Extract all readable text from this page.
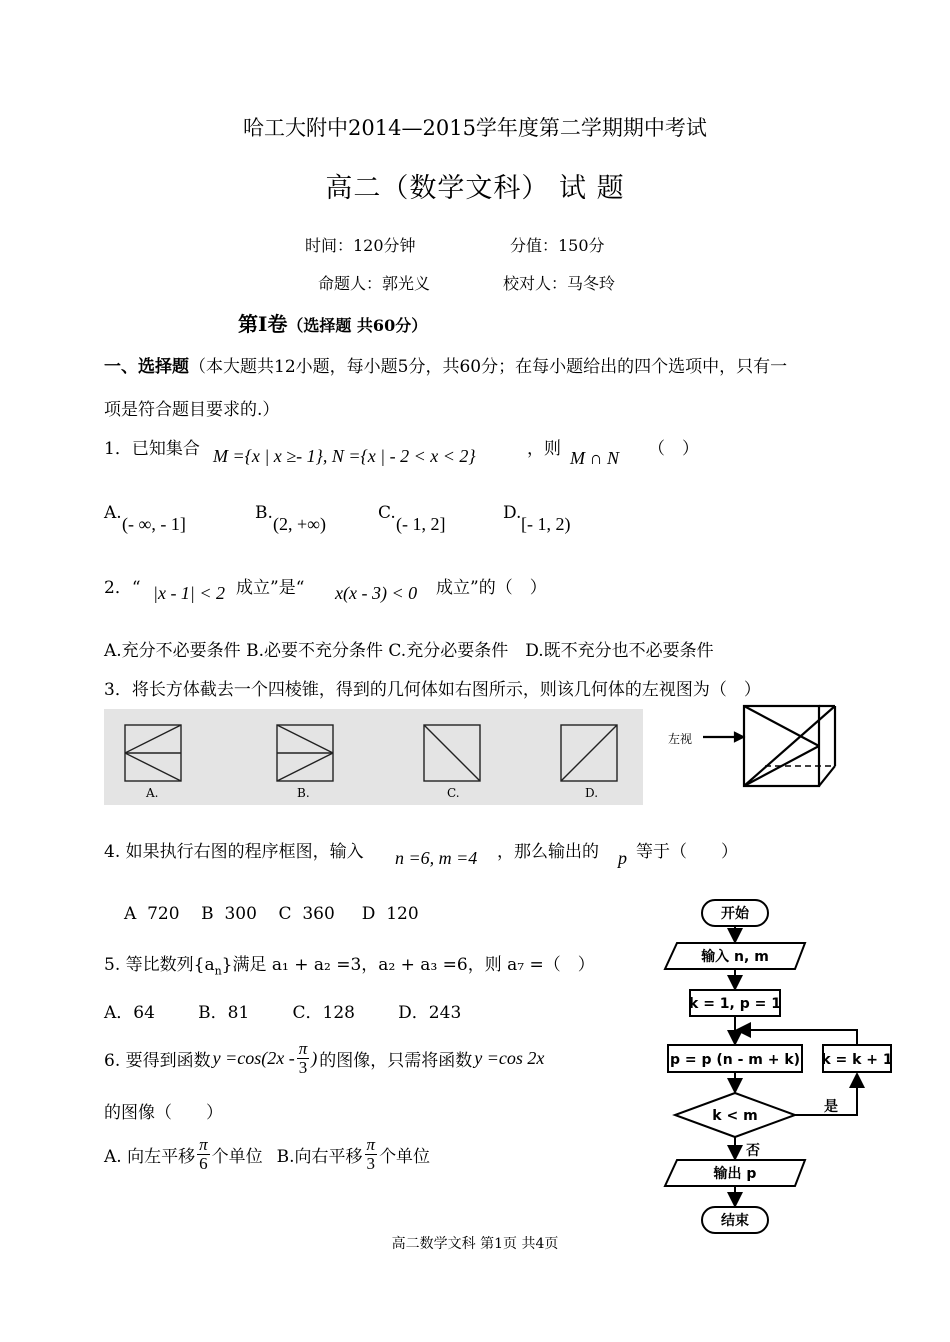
哈工大附中2014—2015学年度第二学期期中考试
高二（数学文科） 试 题
时间：120分钟	分值：150分
命题人：郭光义	校对人：马冬玲
第Ⅰ卷（选择题 共60分）
一、选择题（本大题共12小题，每小题5分，共60分；在每小题给出的四个选项中，只有一
项是符合题目要求的.）
1．已知集合 M ={x | x ≥- 1}, N ={x | - 2 < x < 2}	，则 M ∩ N （　）
A.
(- ∞, - 1]
B.
(2, +∞)
C.
(- 1, 2]
D.
[- 1, 2)
2．“ |x - 1| < 2 成立”是“ x(x - 3) < 0 成立”的（　）
A.充分不必要条件 B.必要不充分条件 C.充分必要条件　D.既不充分也不必要条件
3．将长方体截去一个四棱锥，得到的几何体如右图所示，则该几何体的左视图为（　）
A.	B.	C.	D.
左视
4. 如果执行右图的程序框图，输入 n =6, m =4 ，那么输出的 p 等于（　　）
A  720    B  300    C  360     D  120
5. 等比数列$\{a_n\}$满足 a₁ + a₂ =3，a₂ + a₃ =6，则 a₇ =（　）
A．64        B．81        C．128        D．243
6. 要得到函数 $y =\cos(2x - \frac{\pi}{3}$ ) 的图像，只需将函数 y =cos 2x
的图像（　　）
A. 向左平移 $\frac{\pi}{6}$ 个单位 B.向右平移 $\frac{\pi}{3}$ 个单位
开始
输入 n, m
k = 1, p = 1
p = p (n - m + k) k = k + 1
k < m
是
否
输出 p
结束
高二数学文科 第1页 共4页
